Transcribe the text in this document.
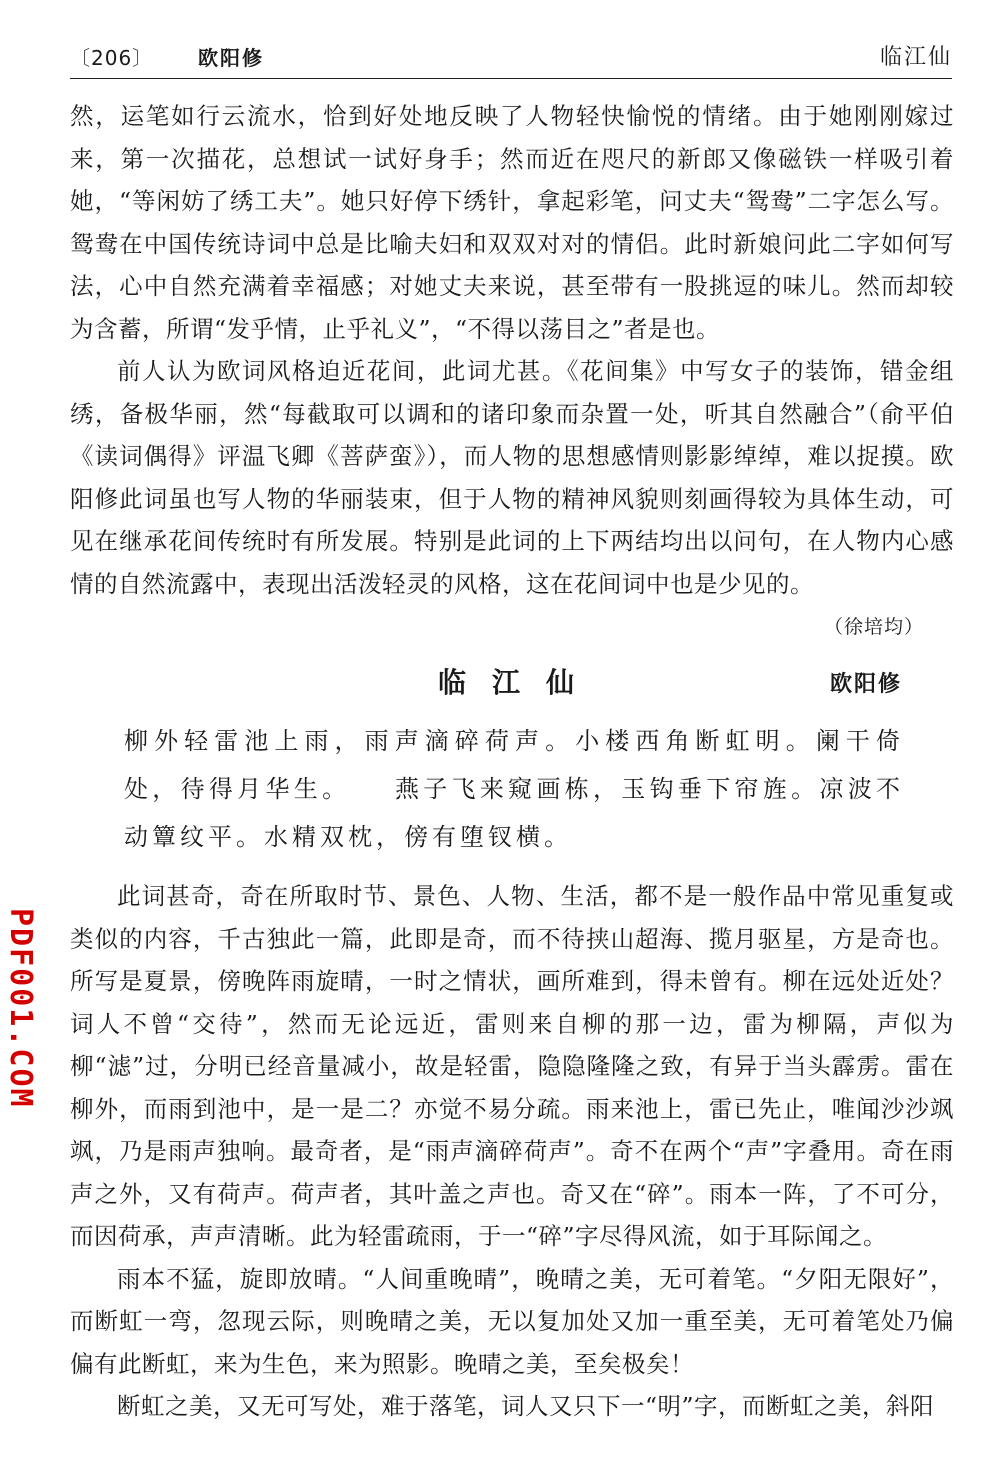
〔206〕 欧阳修	临江仙

然，运笔如行云流水，恰到好处地反映了人物轻快愉悦的情绪。由于她刚刚嫁过来，第一次描花，总想试一试好身手；然而近在咫尺的新郎又像磁铁一样吸引着她，“等闲妨了绣工夫”。她只好停下绣针，拿起彩笔，问丈夫“鸳鸯”二字怎么写。鸳鸯在中国传统诗词中总是比喻夫妇和双双对对的情侣。此时新娘问此二字如何写法，心中自然充满着幸福感；对她丈夫来说，甚至带有一股挑逗的味儿。然而却较为含蓄，所谓“发乎情，止乎礼义”，“不得以荡目之”者是也。

前人认为欧词风格迫近花间，此词尤甚。《花间集》中写女子的装饰，错金组绣，备极华丽，然“每截取可以调和的诸印象而杂置一处，听其自然融合”（俞平伯《读词偶得》评温飞卿《菩萨蛮》），而人物的思想感情则影影绰绰，难以捉摸。欧阳修此词虽也写人物的华丽装束，但于人物的精神风貌则刻画得较为具体生动，可见在继承花间传统时有所发展。特别是此词的上下两结均出以问句，在人物内心感情的自然流露中，表现出活泼轻灵的风格，这在花间词中也是少见的。

（徐培均）
临江仙	欧阳修

柳外轻雷池上雨，雨声滴碎荷声。小楼西角断虹明。阑干倚处，待得月华生。　　燕子飞来窥画栋，玉钩垂下帘旌。凉波不动簟纹平。水精双枕，傍有堕钗横。

此词甚奇，奇在所取时节、景色、人物、生活，都不是一般作品中常见重复或类似的内容，千古独此一篇，此即是奇，而不待挟山超海、揽月驱星，方是奇也。所写是夏景，傍晚阵雨旋晴，一时之情状，画所难到，得未曾有。柳在远处近处？词人不曾“交待”，然而无论远近，雷则来自柳的那一边，雷为柳隔，声似为柳“滤”过，分明已经音量减小，故是轻雷，隐隐隆隆之致，有异于当头霹雳。雷在柳外，而雨到池中，是一是二？亦觉不易分疏。雨来池上，雷已先止，唯闻沙沙飒飒，乃是雨声独响。最奇者，是“雨声滴碎荷声”。奇不在两个“声”字叠用。奇在雨声之外，又有荷声。荷声者，其叶盖之声也。奇又在“碎”。雨本一阵，了不可分，而因荷承，声声清晰。此为轻雷疏雨，于一“碎”字尽得风流，如于耳际闻之。

雨本不猛，旋即放晴。“人间重晚晴”，晚晴之美，无可着笔。“夕阳无限好”，而断虹一弯，忽现云际，则晚晴之美，无以复加处又加一重至美，无可着笔处乃偏偏有此断虹，来为生色，来为照影。晚晴之美，至矣极矣！

断虹之美，又无可写处，难于落笔，词人又只下一“明”字，而断虹之美，斜阳

PDF001.COM
